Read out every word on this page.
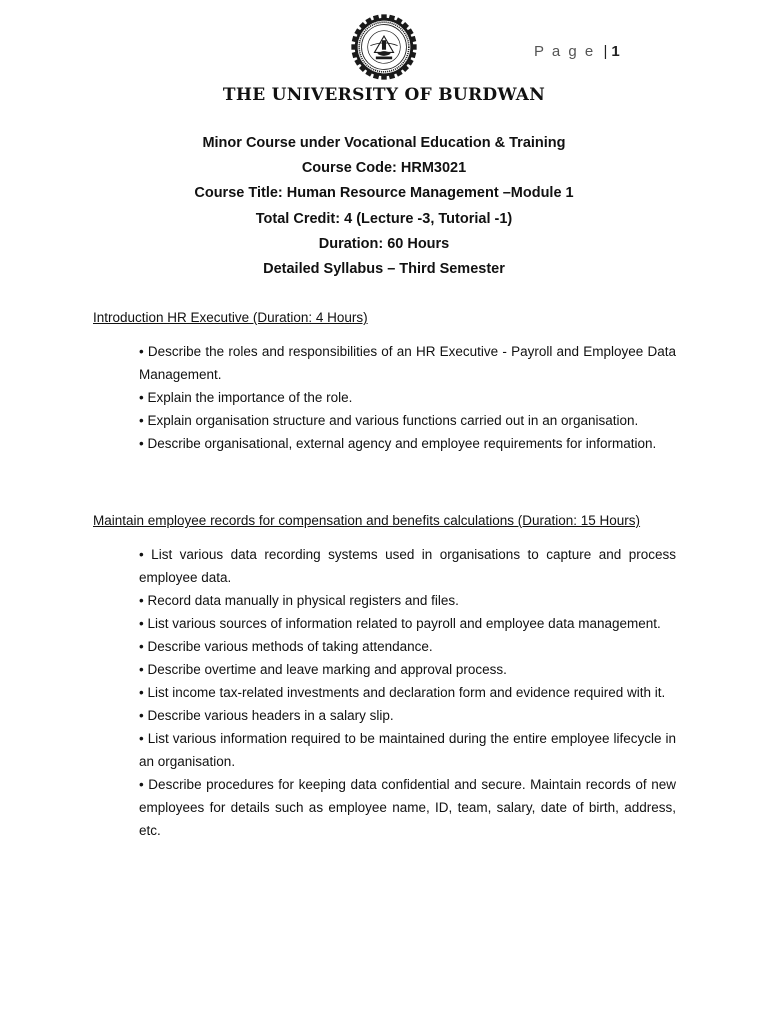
P a g e | 1
THE UNIVERSITY OF BURDWAN
Minor Course under Vocational Education & Training
Course Code: HRM3021
Course Title: Human Resource Management –Module 1
Total Credit: 4 (Lecture -3, Tutorial -1)
Duration: 60 Hours
Detailed Syllabus – Third Semester
Introduction HR Executive (Duration: 4 Hours)
• Describe the roles and responsibilities of an HR Executive - Payroll and Employee Data Management.
• Explain the importance of the role.
• Explain organisation structure and various functions carried out in an organisation.
• Describe organisational, external agency and employee requirements for information.
Maintain employee records for compensation and benefits calculations (Duration: 15 Hours)
• List various data recording systems used in organisations to capture and process employee data.
• Record data manually in physical registers and files.
• List various sources of information related to payroll and employee data management.
• Describe various methods of taking attendance.
• Describe overtime and leave marking and approval process.
• List income tax-related investments and declaration form and evidence required with it.
• Describe various headers in a salary slip.
• List various information required to be maintained during the entire employee lifecycle in an organisation.
• Describe procedures for keeping data confidential and secure. Maintain records of new employees for details such as employee name, ID, team, salary, date of birth, address, etc.
